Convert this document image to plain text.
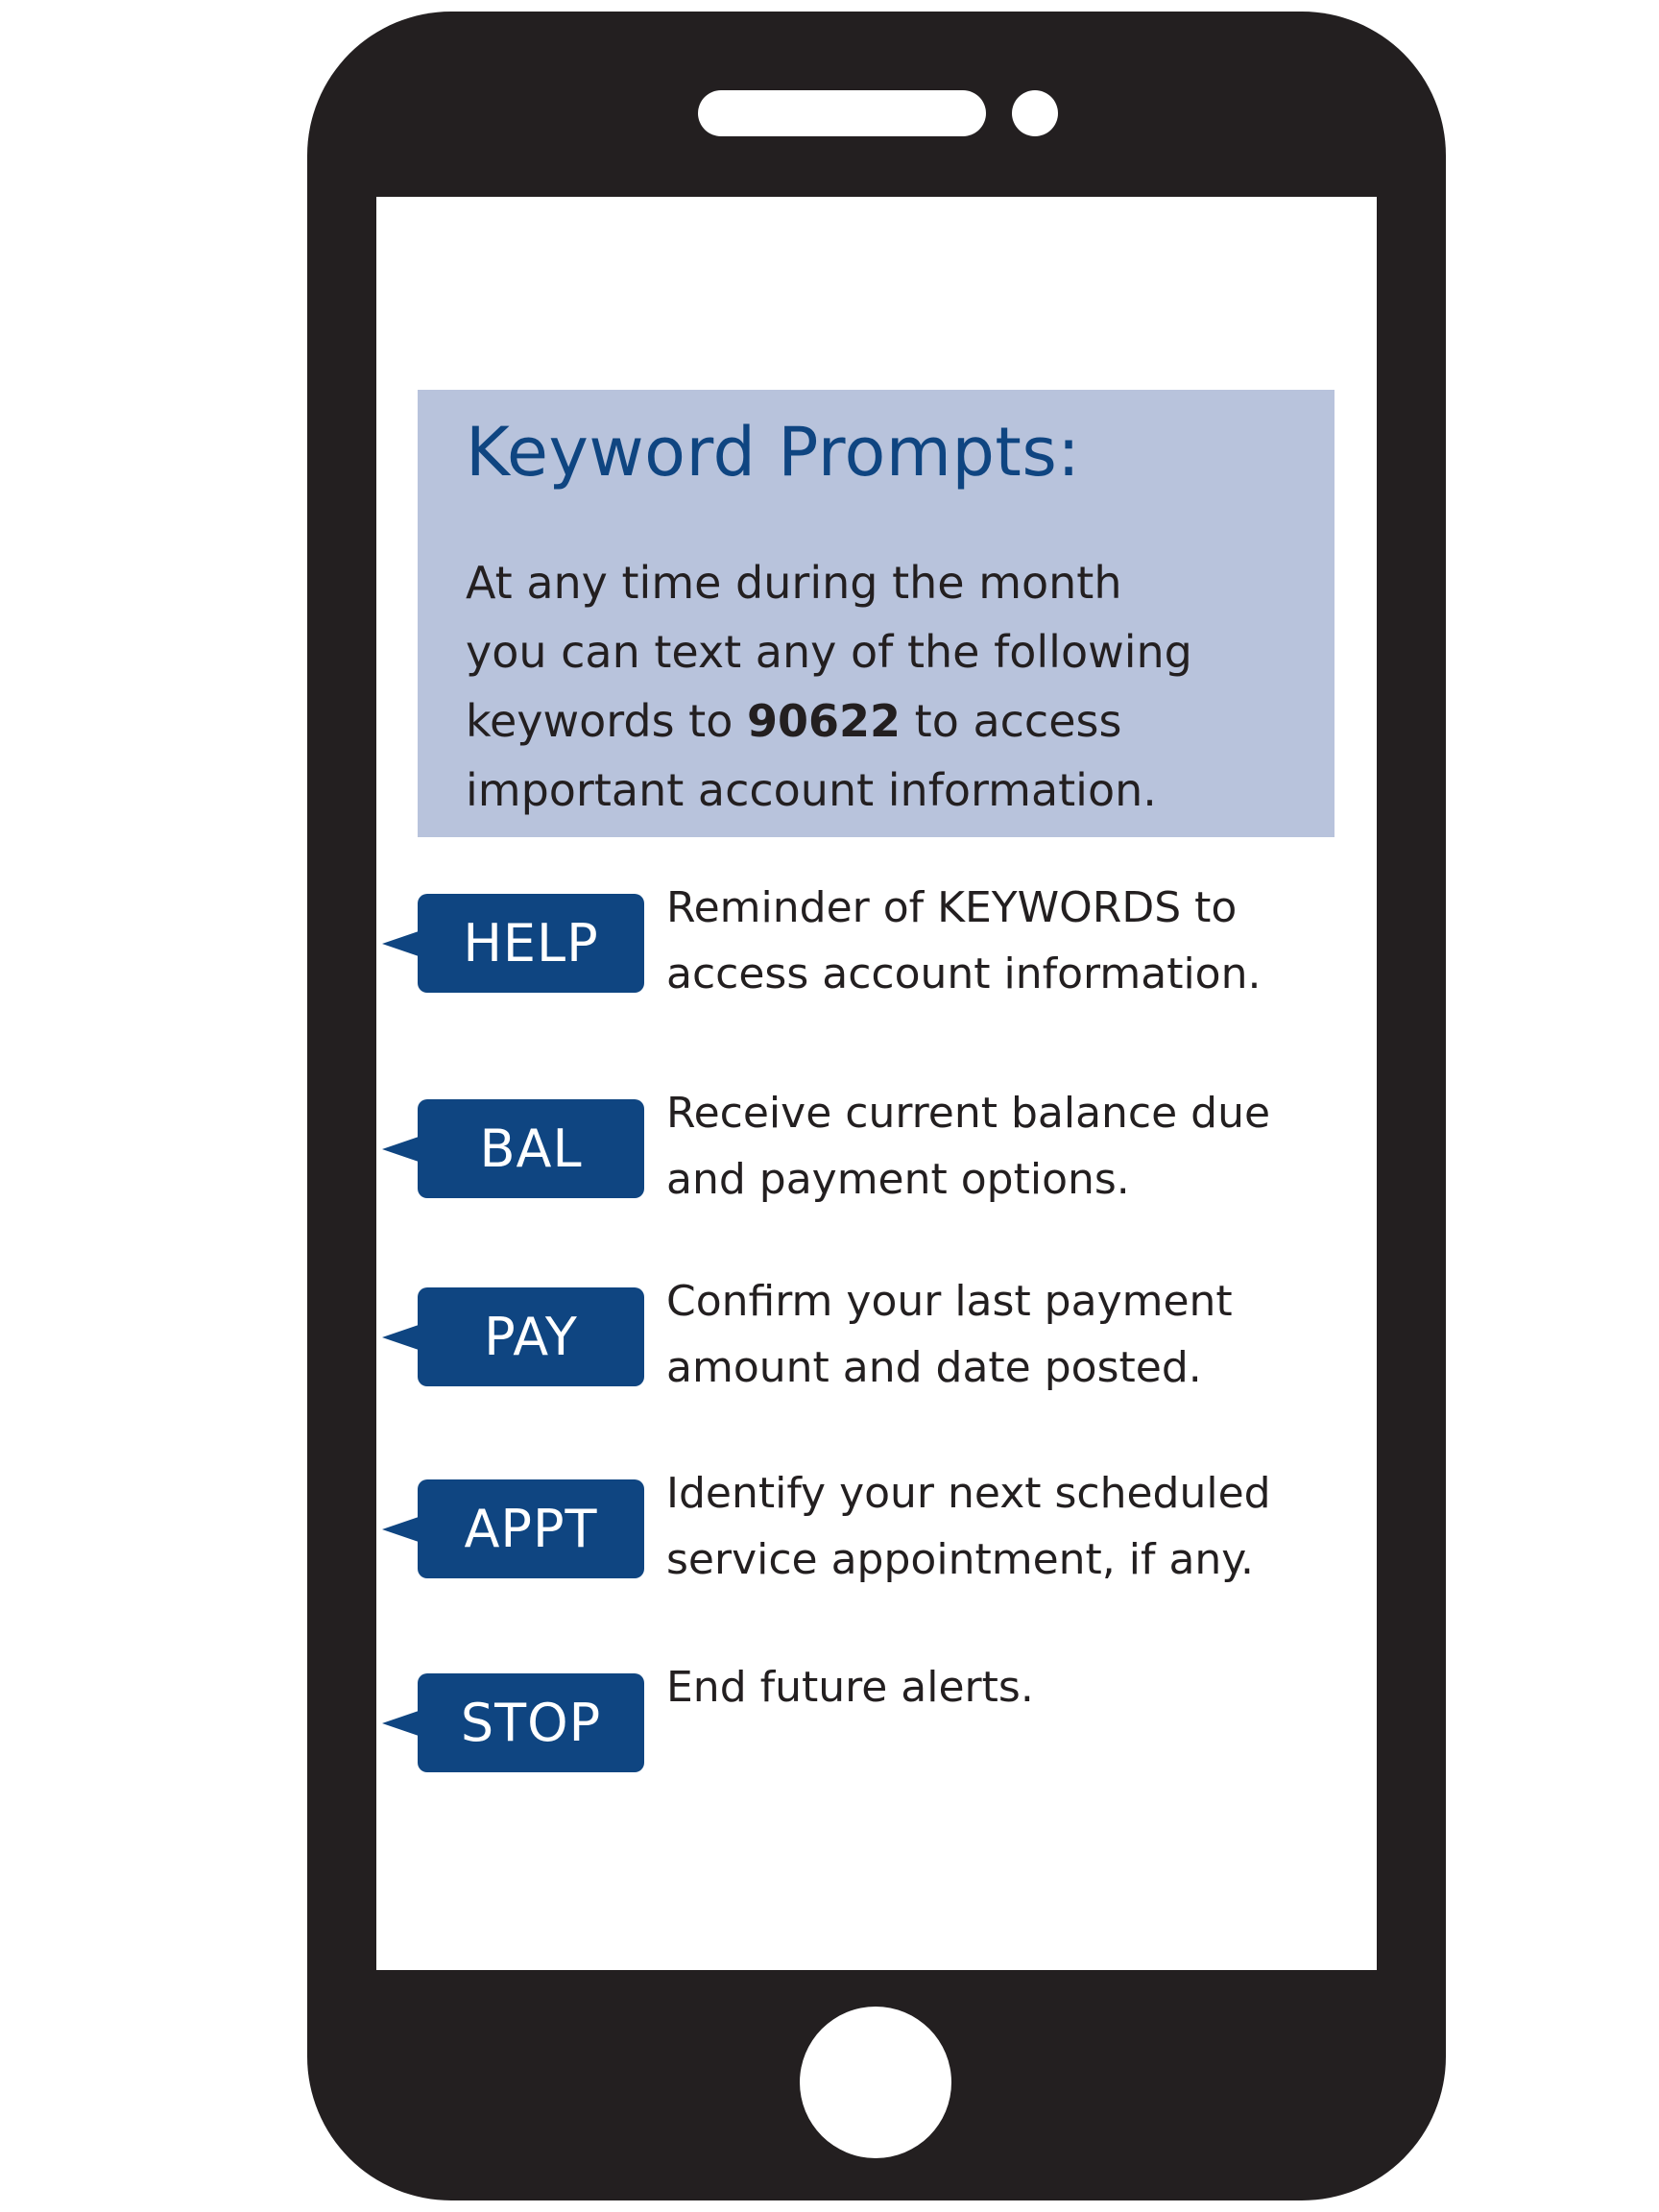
Keyword Prompts:
At any time during the month
you can text any of the following
keywords to 90622 to access
important account information.
HELP
Reminder of KEYWORDS to
access account information.
BAL
Receive current balance due
and payment options.
PAY
Confirm your last payment
amount and date posted.
APPT
Identify your next scheduled
service appointment, if any.
STOP
End future alerts.
